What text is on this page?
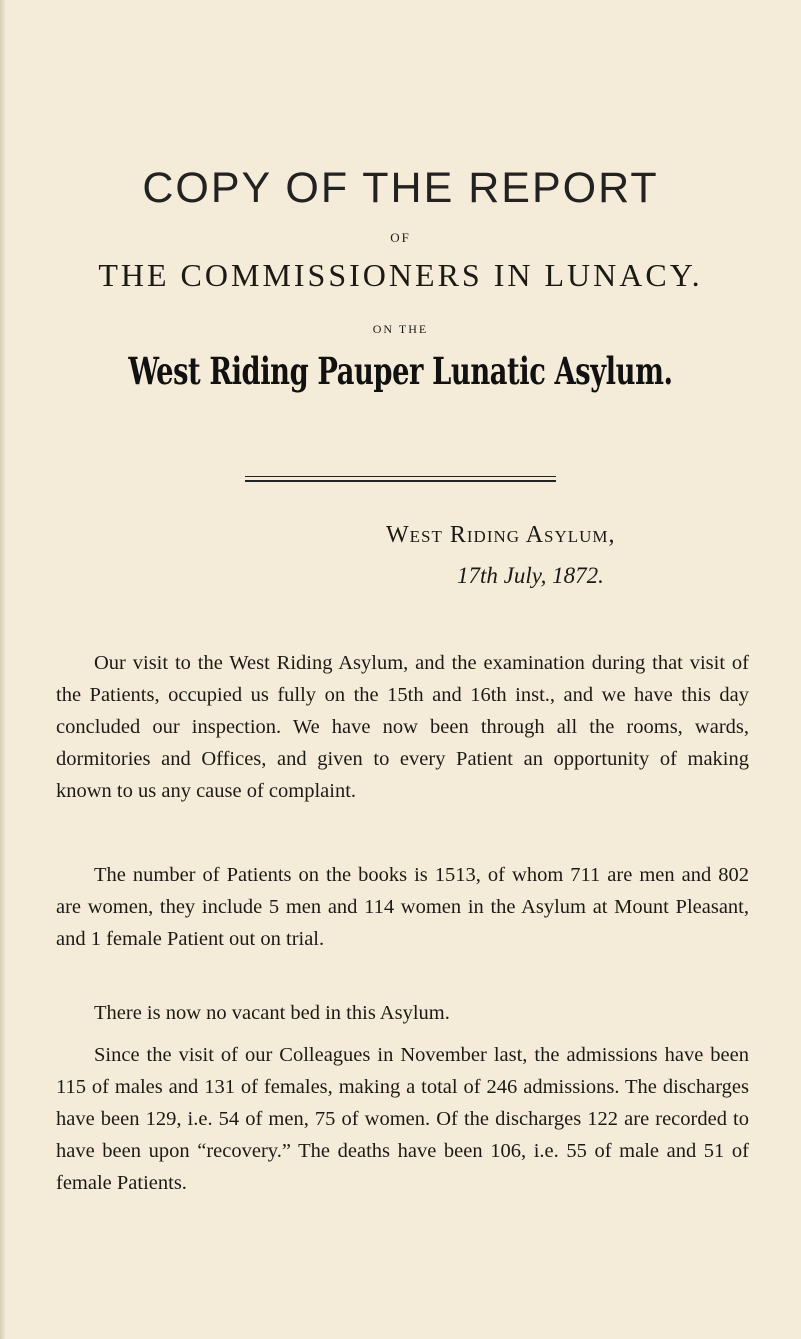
COPY OF THE REPORT
OF
THE COMMISSIONERS IN LUNACY.
ON THE
West Riding Pauper Lunatic Asylum.
West Riding Asylum,
17th July, 1872.

Our visit to the West Riding Asylum, and the examination during that visit of the Patients, occupied us fully on the 15th and 16th inst., and we have this day concluded our inspection. We have now been through all the rooms, wards, dormitories and Offices, and given to every Patient an opportunity of making known to us any cause of complaint.

The number of Patients on the books is 1513, of whom 711 are men and 802 are women, they include 5 men and 114 women in the Asylum at Mount Pleasant, and 1 female Patient out on trial.

There is now no vacant bed in this Asylum.

Since the visit of our Colleagues in November last, the admissions have been 115 of males and 131 of females, making a total of 246 admissions. The discharges have been 129, i.e. 54 of men, 75 of women. Of the discharges 122 are recorded to have been upon “recovery.” The deaths have been 106, i.e. 55 of male and 51 of female Patients.
